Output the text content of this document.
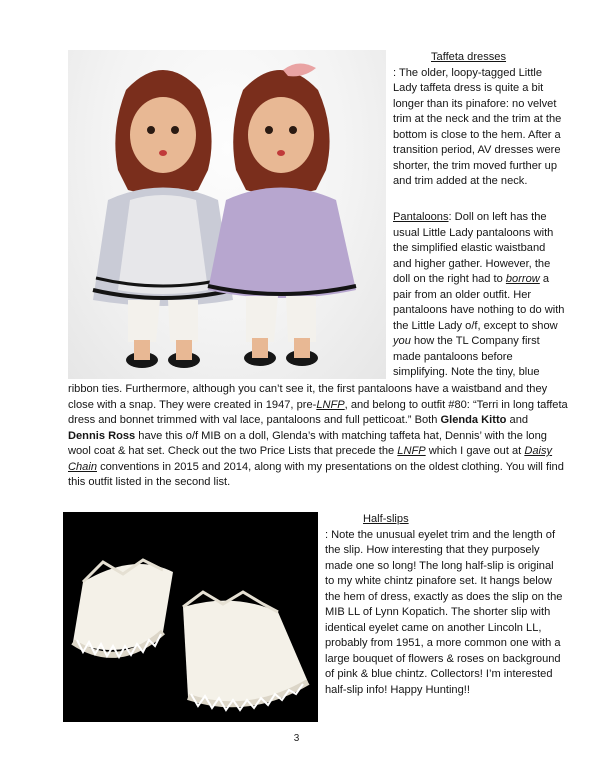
Taffeta dresses
: The older, loopy-tagged Little Lady taffeta dress is quite a bit longer than its pinafore: no velvet trim at the neck and the trim at the bottom is close to the hem. After a transition period, AV dresses were shorter, the trim moved further up and trim added at the neck.

Pantaloons: Doll on left has the usual Little Lady pantaloons with the simplified elastic waistband and higher gather. However, the doll on the right had to borrow a pair from an older outfit. Her pantaloons have nothing to do with the Little Lady o/f, except to show you how the TL Company first made pantaloons before simplifying. Note the tiny, blue

ribbon ties. Furthermore, although you can’t see it, the first pantaloons have a waistband and they close with a snap. They were created in 1947, pre-LNFP, and belong to outfit #80: “Terri in long taffeta dress and bonnet trimmed with val lace, pantaloons and full petticoat.” Both Glenda Kitto and Dennis Ross have this o/f MIB on a doll, Glenda’s with matching taffeta hat, Dennis’ with the long wool coat & hat set. Check out the two Price Lists that precede the LNFP which I gave out at Daisy Chain conventions in 2015 and 2014, along with my presentations on the oldest clothing. You will find this outfit listed in the second list.

Half-slips
: Note the unusual eyelet trim and the length of the slip. How interesting that they purposely made one so long! The long half-slip is original to my white chintz pinafore set. It hangs below the hem of dress, exactly as does the slip on the MIB LL of Lynn Kopatich. The shorter slip with identical eyelet came on another Lincoln LL, probably from 1951, a more common one with a large bouquet of flowers & roses on background of pink & blue chintz. Collectors! I’m interested half-slip info! Happy Hunting!!

3
